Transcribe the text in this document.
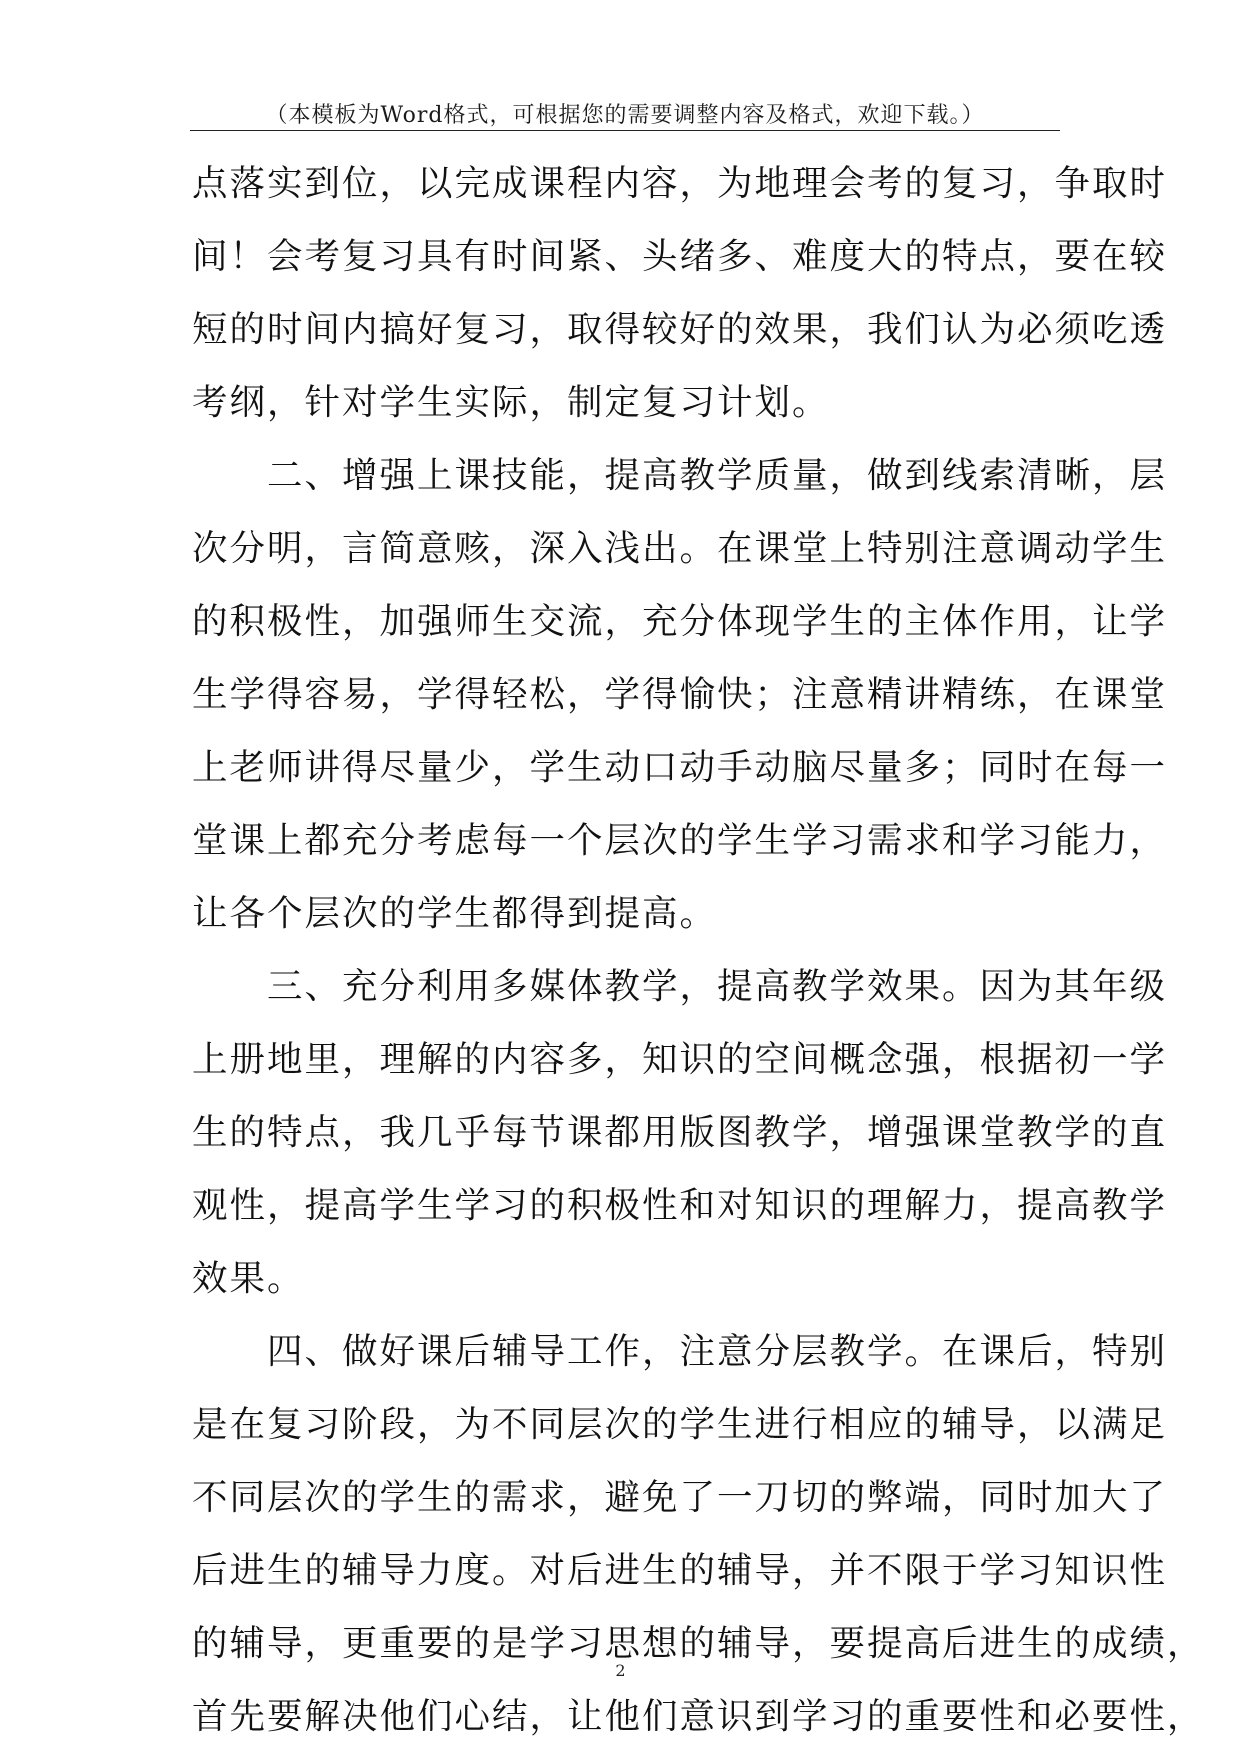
（本模板为Word格式，可根据您的需要调整内容及格式，欢迎下载。）
点落实到位，以完成课程内容，为地理会考的复习，争取时
间！会考复习具有时间紧、头绪多、难度大的特点，要在较
短的时间内搞好复习，取得较好的效果，我们认为必须吃透
考纲，针对学生实际，制定复习计划。
　　二、增强上课技能，提高教学质量，做到线索清晰，层
次分明，言简意赅，深入浅出。在课堂上特别注意调动学生
的积极性，加强师生交流，充分体现学生的主体作用，让学
生学得容易，学得轻松，学得愉快；注意精讲精练，在课堂
上老师讲得尽量少，学生动口动手动脑尽量多；同时在每一
堂课上都充分考虑每一个层次的学生学习需求和学习能力，
让各个层次的学生都得到提高。
　　三、充分利用多媒体教学，提高教学效果。因为其年级
上册地里，理解的内容多，知识的空间概念强，根据初一学
生的特点，我几乎每节课都用版图教学，增强课堂教学的直
观性，提高学生学习的积极性和对知识的理解力，提高教学
效果。
　　四、做好课后辅导工作，注意分层教学。在课后，特别
是在复习阶段，为不同层次的学生进行相应的辅导，以满足
不同层次的学生的需求，避免了一刀切的弊端，同时加大了
后进生的辅导力度。对后进生的辅导，并不限于学习知识性
的辅导，更重要的是学习思想的辅导，要提高后进生的成绩，
首先要解决他们心结，让他们意识到学习的重要性和必要性，
2
